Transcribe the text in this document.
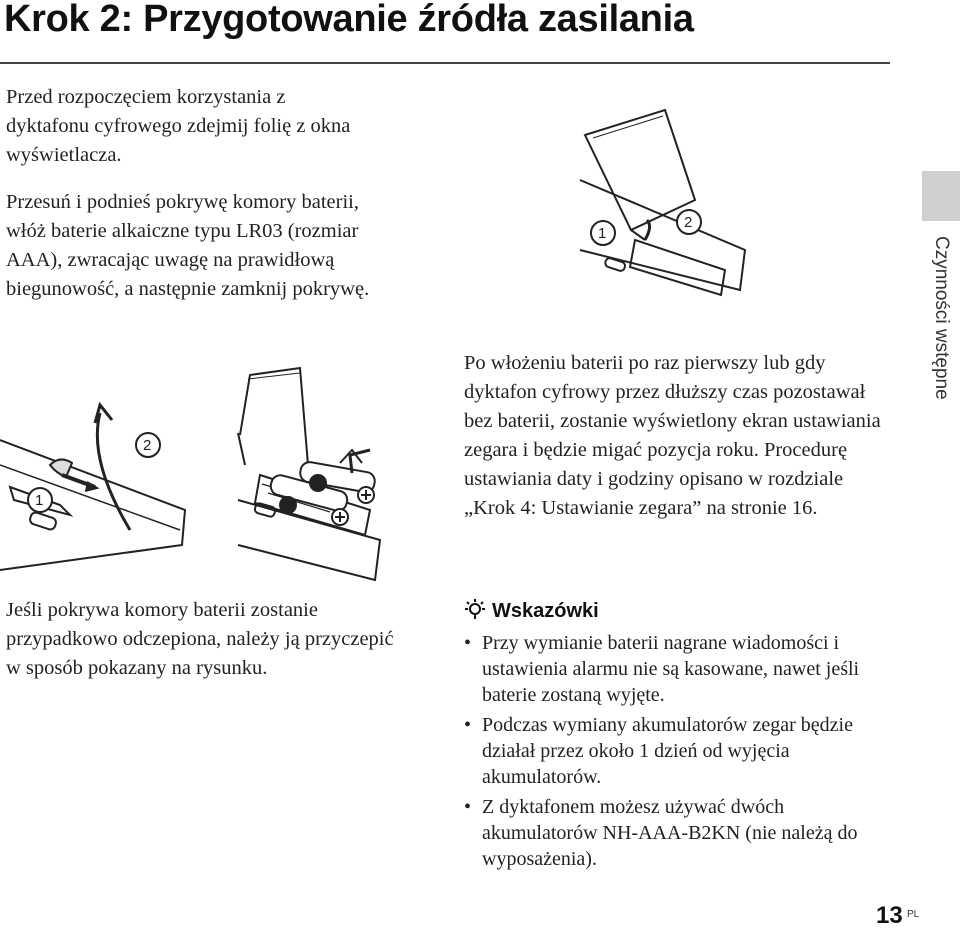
Krok 2: Przygotowanie źródła zasilania
Czynności wstępne

Przed rozpoczęciem korzystania z dyktafonu cyfrowego zdejmij folię z okna wyświetlacza.

Przesuń i podnieś pokrywę komory baterii, włóż baterie alkaiczne typu LR03 (rozmiar AAA), zwracając uwagę na prawidłową biegunowość, a następnie zamknij pokrywę.

1
2

Jeśli pokrywa komory baterii zostanie przypadkowo odczepiona, należy ją przyczepić w sposób pokazany na rysunku.

1
2

Po włożeniu baterii po raz pierwszy lub gdy dyktafon cyfrowy przez dłuższy czas pozostawał bez baterii, zostanie wyświetlony ekran ustawiania zegara i będzie migać pozycja roku. Procedurę ustawiania daty i godziny opisano w rozdziale „Krok 4: Ustawianie zegara” na stronie 16.

Wskazówki
• Przy wymianie baterii nagrane wiadomości i ustawienia alarmu nie są kasowane, nawet jeśli baterie zostaną wyjęte.
• Podczas wymiany akumulatorów zegar będzie działał przez około 1 dzień od wyjęcia akumulatorów.
• Z dyktafonem możesz używać dwóch akumulatorów NH-AAA-B2KN (nie należą do wyposażenia).
13 PL
